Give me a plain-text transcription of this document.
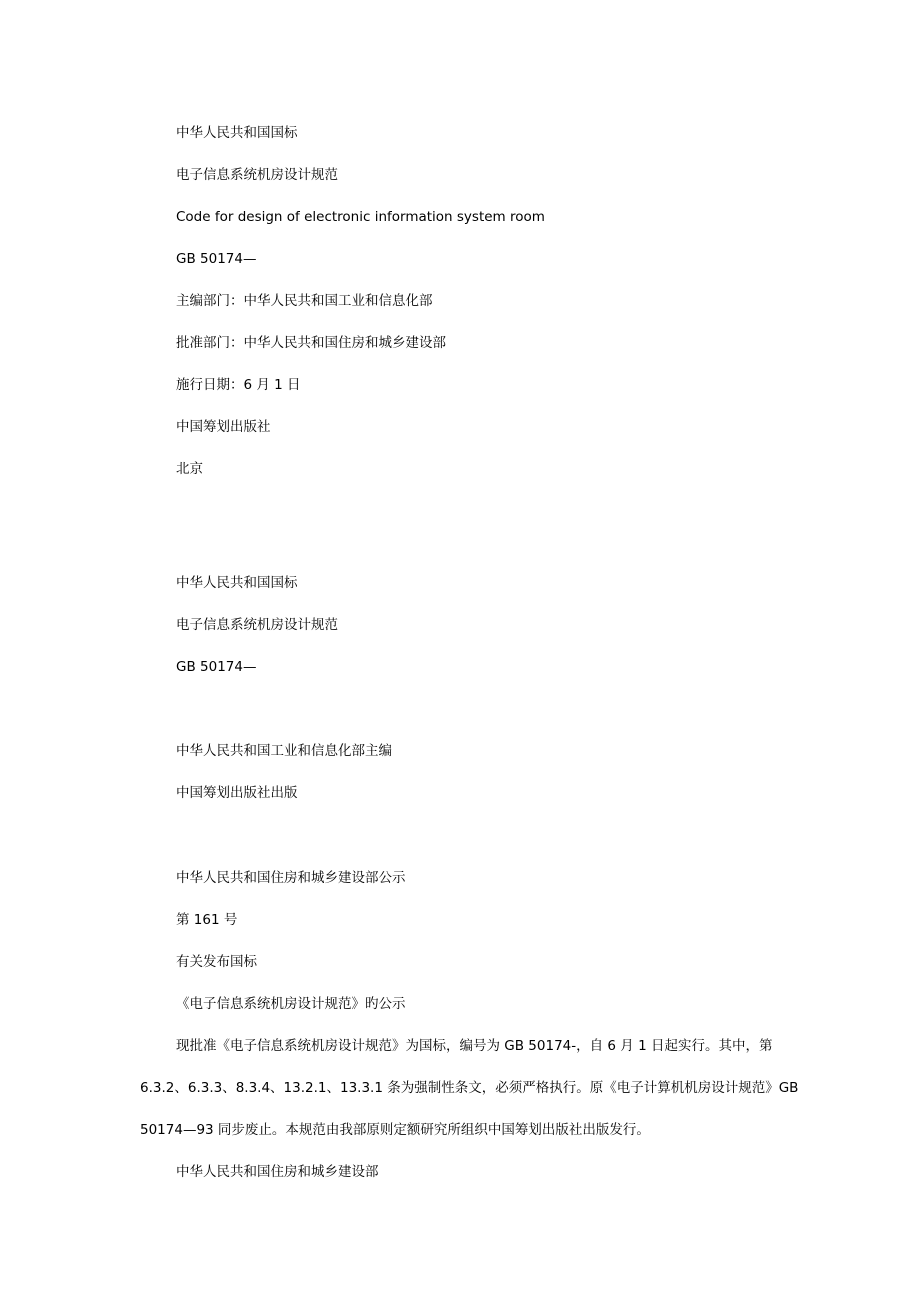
中华人民共和国国标
电子信息系统机房设计规范
Code for design of electronic information system room
GB 50174—
主编部门：中华人民共和国工业和信息化部
批准部门：中华人民共和国住房和城乡建设部
施行日期：6 月 1 日
中国筹划出版社
北京
中华人民共和国国标
电子信息系统机房设计规范
GB 50174—
中华人民共和国工业和信息化部主编
中国筹划出版社出版
中华人民共和国住房和城乡建设部公示
第 161 号
有关发布国标
《电子信息系统机房设计规范》旳公示
现批准《电子信息系统机房设计规范》为国标，编号为 GB 50174-，自 6 月 1 日起实行。其中，第
6.3.2、6.3.3、8.3.4、13.2.1、13.3.1 条为强制性条文，必须严格执行。原《电子计算机机房设计规范》GB
50174—93 同步废止。本规范由我部原则定额研究所组织中国筹划出版社出版发行。
中华人民共和国住房和城乡建设部
